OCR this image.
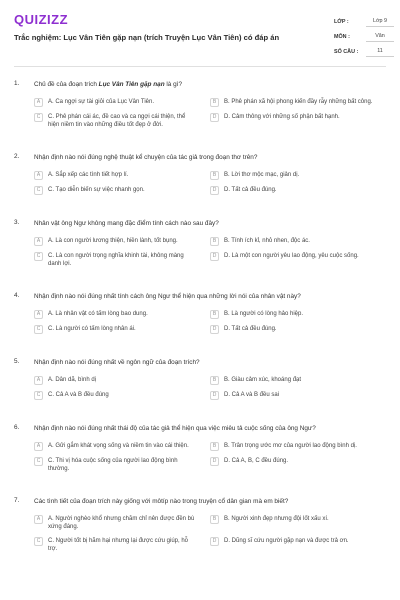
QUIZIZZ
Trắc nghiệm: Lục Vân Tiên gặp nạn (trích Truyện Lục Vân Tiên) có đáp án
LỚP :	Lớp 9
MÔN :	Văn
SỐ CÂU :	11
1. Chủ đề của đoạn trích Lục Vân Tiên gặp nạn là gì?
A	A. Ca ngợi sự tài giỏi của Lục Vân Tiên.	B	B. Phê phán xã hội phong kiến đầy rẫy những bất công.
C	C. Phê phán cái ác, đề cao và ca ngợi cái thiện, thể hiện niềm tin vào những điều tốt đẹp ở đời.
D	D. Cảm thông với những số phận bất hạnh.
2. Nhận định nào nói đúng nghệ thuật kể chuyện của tác giả trong đoạn thơ trên?
A	A. Sắp xếp các tình tiết hợp lí.	B	B. Lời thơ mộc mạc, giản dị.
C	C. Tạo diễn biến sự việc nhanh gọn.	D	D. Tất cả đều đúng.
3. Nhân vật ông Ngư không mang đặc điểm tính cách nào sau đây?
A	A. Là con người lương thiện, hiền lành, tốt bụng.	B	B. Tính ích kỉ, nhỏ nhen, độc ác.
C	C. Là con người trọng nghĩa khinh tài, không màng danh lợi.
D	D. Là một con người yêu lao động, yêu cuộc sống.
4. Nhận định nào nói đúng nhất tính cách ông Ngư thể hiện qua những lời nói của nhân vật này?
A	A. Là nhân vật có tấm lòng bao dung.	B	B. Là người có lòng hảo hiệp.
C	C. Là người có tấm lòng nhân ái.	D	D. Tất cả đều đúng.
5. Nhận định nào nói đúng nhất về ngôn ngữ của đoạn trích?
A	A. Dân dã, bình dị	B	B. Giàu cảm xúc, khoáng đạt
C	C. Cả A và B đều đúng	D	D. Cả A và B đều sai
6. Nhận định nào nói đúng nhất thái độ của tác giả thể hiện qua việc miêu tả cuộc sống của ông Ngư?
A	A. Gửi gắm khát vọng sống và niềm tin vào cái thiện.	B	B. Trân trọng ước mơ của người lao động bình dị.
C	C. Thi vị hóa cuộc sống của người lao động bình thường.
D	D. Cả A, B, C đều đúng.
7. Các tình tiết của đoạn trích này giống với môtíp nào trong truyện cổ dân gian mà em biết?
A	A. Người nghèo khổ nhưng chăm chỉ nên được đền bù xứng đáng.
B	B. Người xinh đẹp nhưng đội lốt xấu xí.
C	C. Người tốt bị hãm hại nhưng lại được cứu giúp, hỗ trợ.
D	D. Dũng sĩ cứu người gặp nạn và được trả ơn.
